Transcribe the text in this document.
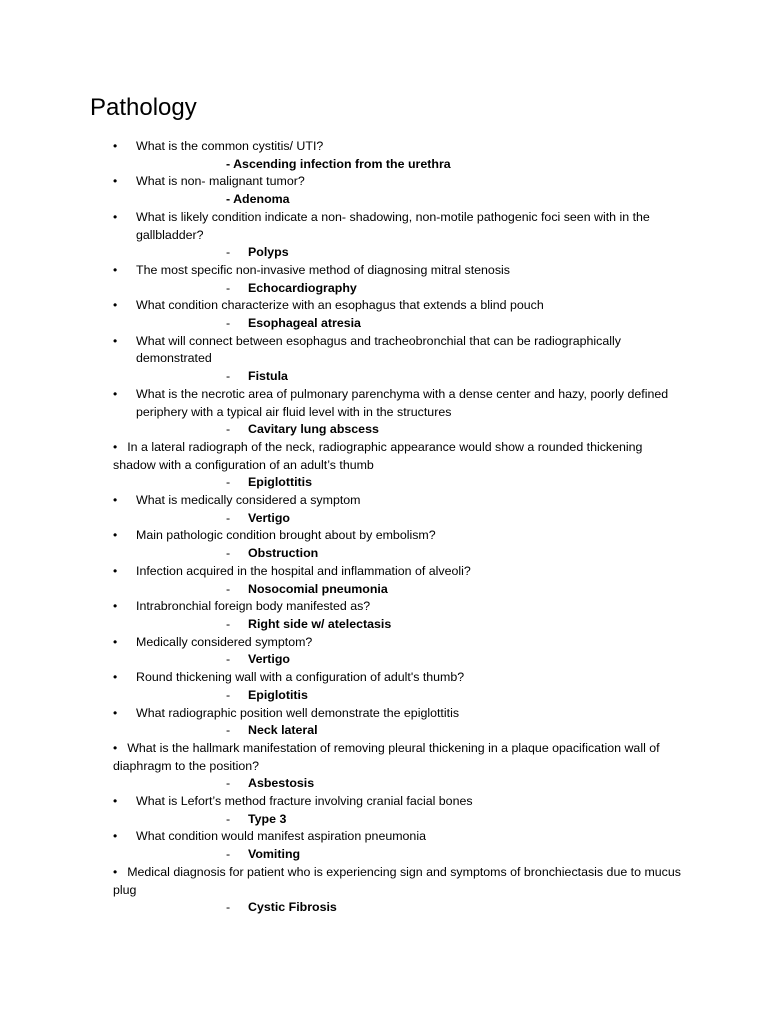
Pathology
• What is the common cystitis/ UTI?
- Ascending infection from the urethra
• What is non- malignant tumor?
- Adenoma
• What is likely condition indicate a non- shadowing, non-motile pathogenic foci seen with in the gallbladder?
- Polyps
• The most specific non-invasive method of diagnosing mitral stenosis
- Echocardiography
• What condition characterize with an esophagus that extends a blind pouch
- Esophageal atresia
• What will connect between esophagus and tracheobronchial that can be radiographically demonstrated
- Fistula
• What is the necrotic area of pulmonary parenchyma with a dense center and hazy, poorly defined periphery with a typical air fluid level with in the structures
- Cavitary lung abscess
• In a lateral radiograph of the neck, radiographic appearance would show a rounded thickening shadow with a configuration of an adult’s thumb
- Epiglottitis
• What is medically considered a symptom
- Vertigo
• Main pathologic condition brought about by embolism?
- Obstruction
• Infection acquired in the hospital and inflammation of alveoli?
- Nosocomial pneumonia
• Intrabronchial foreign body manifested as?
- Right side w/ atelectasis
• Medically considered symptom?
- Vertigo
• Round thickening wall with a configuration of adult's thumb?
- Epiglotitis
• What radiographic position well demonstrate the epiglottitis
- Neck lateral
• What is the hallmark manifestation of removing pleural thickening in a plaque opacification wall of diaphragm to the position?
- Asbestosis
• What is Lefort’s method fracture involving cranial facial bones
- Type 3
• What condition would manifest aspiration pneumonia
- Vomiting
• Medical diagnosis for patient who is experiencing sign and symptoms of bronchiectasis due to mucus plug
- Cystic Fibrosis
